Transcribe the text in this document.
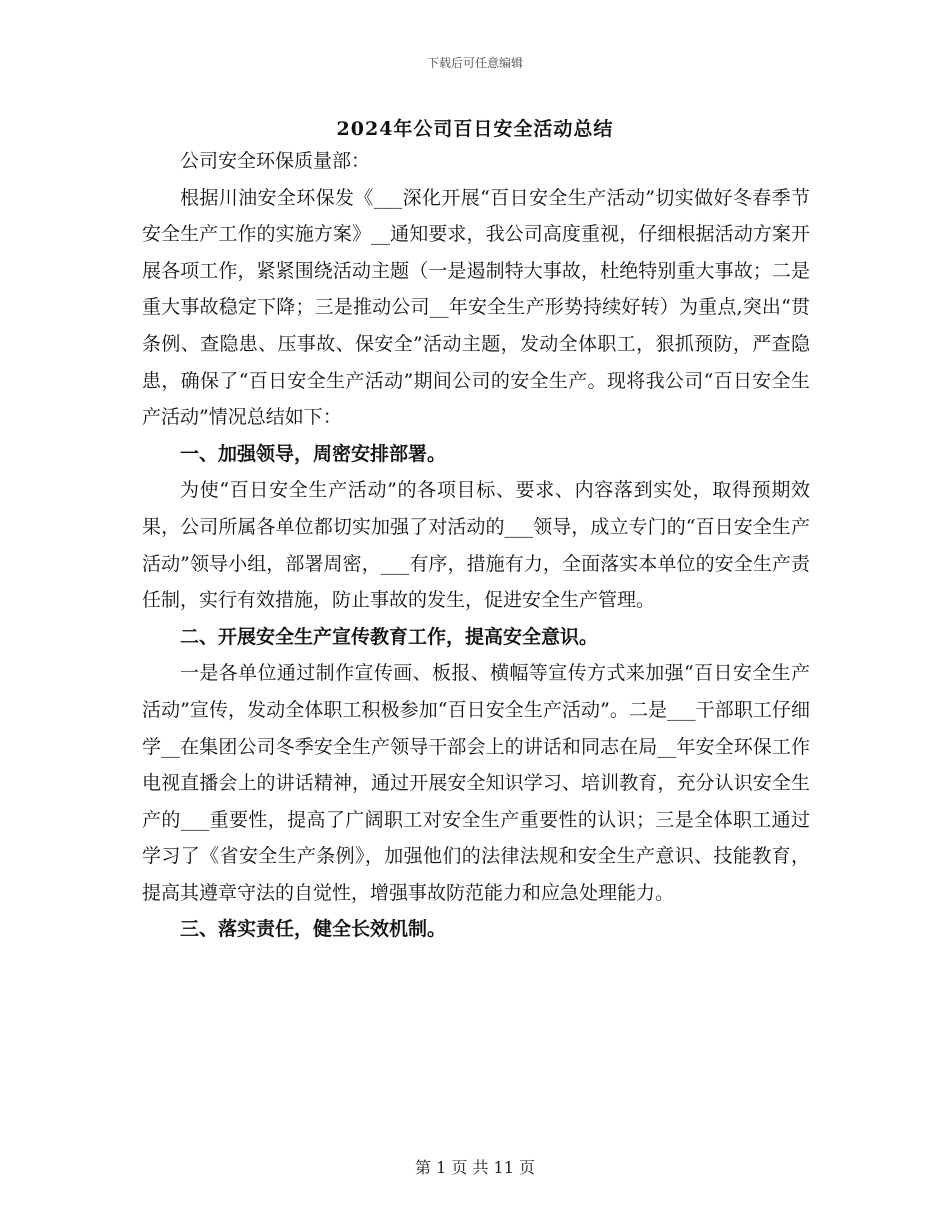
下载后可任意编辑
2024年公司百日安全活动总结

公司安全环保质量部：

根据川油安全环保发《___深化开展“百日安全生产活动”切实做好冬春季节安全生产工作的实施方案》__通知要求，我公司高度重视，仔细根据活动方案开展各项工作，紧紧围绕活动主题（一是遏制特大事故，杜绝特别重大事故；二是重大事故稳定下降；三是推动公司__年安全生产形势持续好转）为重点,突出“贯条例、查隐患、压事故、保安全”活动主题，发动全体职工，狠抓预防，严查隐患，确保了“百日安全生产活动”期间公司的安全生产。现将我公司“百日安全生产活动”情况总结如下：

一、加强领导，周密安排部署。

为使“百日安全生产活动”的各项目标、要求、内容落到实处，取得预期效果，公司所属各单位都切实加强了对活动的___领导，成立专门的“百日安全生产活动”领导小组，部署周密，___有序，措施有力，全面落实本单位的安全生产责任制，实行有效措施，防止事故的发生，促进安全生产管理。

二、开展安全生产宣传教育工作，提高安全意识。

一是各单位通过制作宣传画、板报、横幅等宣传方式来加强“百日安全生产活动”宣传，发动全体职工积极参加“百日安全生产活动”。二是___干部职工仔细学__在集团公司冬季安全生产领导干部会上的讲话和同志在局__年安全环保工作电视直播会上的讲话精神，通过开展安全知识学习、培训教育，充分认识安全生产的___重要性，提高了广阔职工对安全生产重要性的认识；三是全体职工通过学习了《省安全生产条例》，加强他们的法律法规和安全生产意识、技能教育，提高其遵章守法的自觉性，增强事故防范能力和应急处理能力。

三、落实责任，健全长效机制。

第 1 页 共 11 页
